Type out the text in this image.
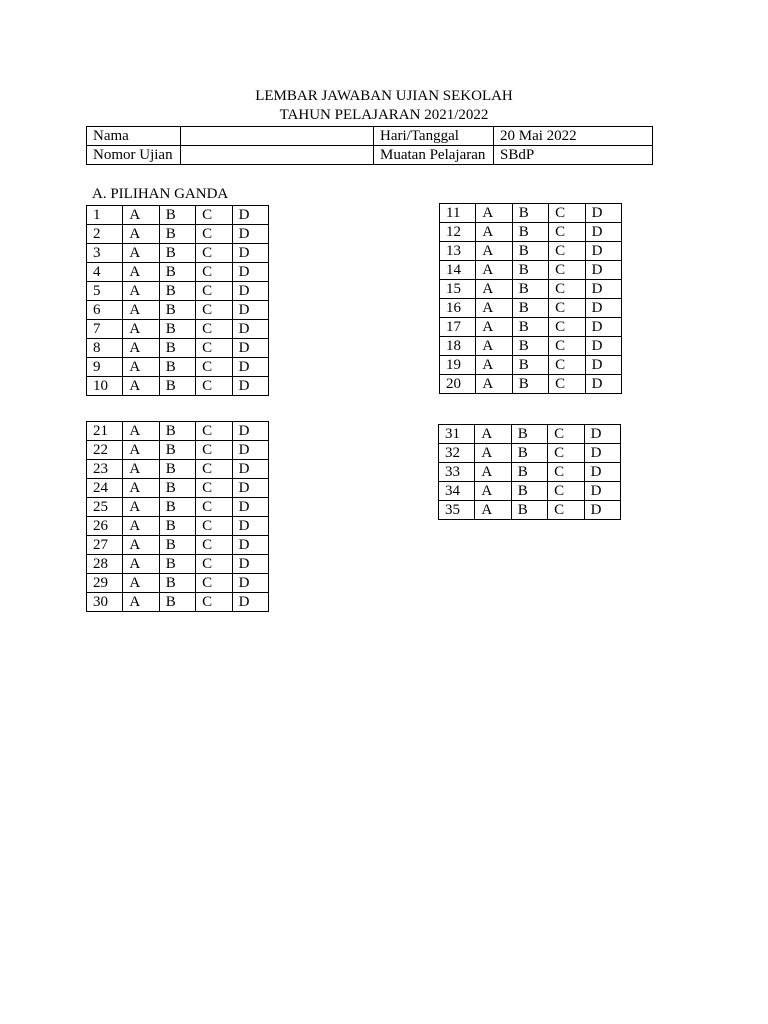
LEMBAR JAWABAN UJIAN SEKOLAH
TAHUN PELAJARAN 2021/2022
Nama		Hari/Tanggal	20 Mai 2022
Nomor Ujian		Muatan Pelajaran	SBdP
A. PILIHAN GANDA
1	A	B	C	D
2	A	B	C	D
3	A	B	C	D
4	A	B	C	D
5	A	B	C	D
6	A	B	C	D
7	A	B	C	D
8	A	B	C	D
9	A	B	C	D
10	A	B	C	D
11	A	B	C	D
12	A	B	C	D
13	A	B	C	D
14	A	B	C	D
15	A	B	C	D
16	A	B	C	D
17	A	B	C	D
18	A	B	C	D
19	A	B	C	D
20	A	B	C	D
21	A	B	C	D
22	A	B	C	D
23	A	B	C	D
24	A	B	C	D
25	A	B	C	D
26	A	B	C	D
27	A	B	C	D
28	A	B	C	D
29	A	B	C	D
30	A	B	C	D
31	A	B	C	D
32	A	B	C	D
33	A	B	C	D
34	A	B	C	D
35	A	B	C	D
